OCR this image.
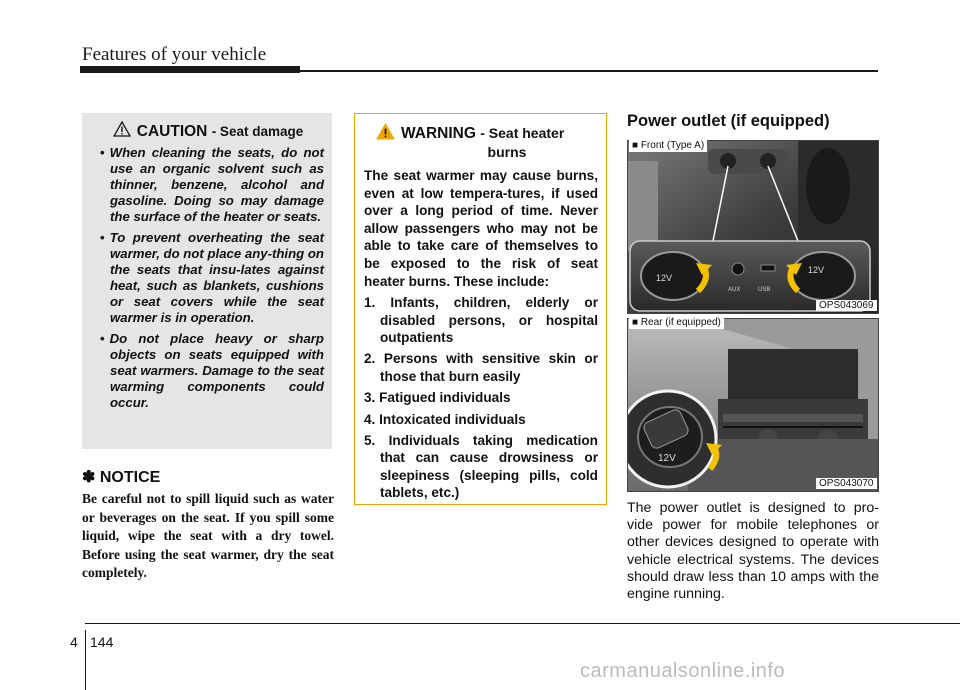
Features of your vehicle
CAUTION - Seat damage
• When cleaning the seats, do not use an organic solvent such as thinner, benzene, alcohol and gasoline. Doing so may damage the surface of the heater or seats.
• To prevent overheating the seat warmer, do not place any-thing on the seats that insu-lates against heat, such as blankets, cushions or seat covers while the seat warmer is in operation.
• Do not place heavy or sharp objects on seats equipped with seat warmers. Damage to the seat warming components could occur.
✽ NOTICE
Be careful not to spill liquid such as water or beverages on the seat. If you spill some liquid, wipe the seat with a dry towel. Before using the seat warmer, dry the seat completely.
WARNING - Seat heater
burns
The seat warmer may cause burns, even at low tempera-tures, if used over a long period of time. Never allow passengers who may not be able to take care of themselves to be exposed to the risk of seat heater burns. These include:
1. Infants, children, elderly or disabled persons, or hospital outpatients
2. Persons with sensitive skin or those that burn easily
3. Fatigued individuals
4. Intoxicated individuals
5. Individuals taking medication that can cause drowsiness or sleepiness (sleeping pills, cold tablets, etc.)
Power outlet (if equipped)
12V
12V
AUX	USB
■ Front (Type A)
OPS043069
12V
■ Rear (if equipped)
OPS043070
The power outlet is designed to pro-vide power for mobile telephones or other devices designed to operate with vehicle electrical systems. The devices should draw less than 10 amps with the engine running.
4 144
carmanualsonline.info
